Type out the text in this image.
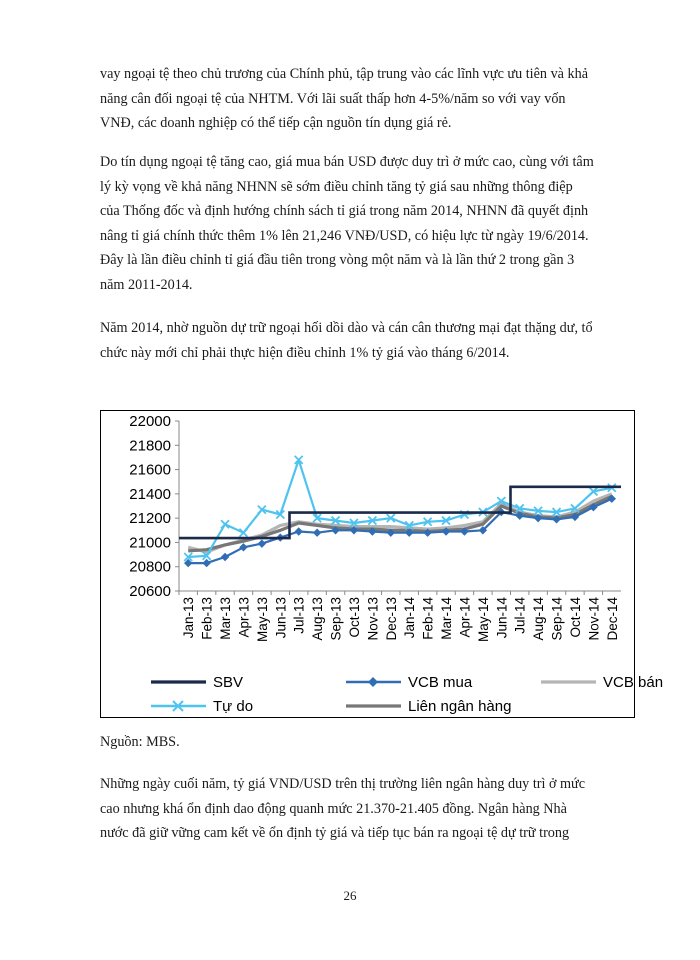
vay ngoại tệ theo chủ trương của Chính phủ, tập trung vào các lĩnh vực ưu tiên và khả
năng cân đối ngoại tệ của NHTM. Với lãi suất thấp hơn 4-5%/năm so với vay vốn
VNĐ, các doanh nghiệp có thể tiếp cận nguồn tín dụng giá rẻ.
Do tín dụng ngoại tệ tăng cao, giá mua bán USD được duy trì ở mức cao, cùng với tâm
lý kỳ vọng về khả năng NHNN sẽ sớm điều chỉnh tăng tỷ giá sau những thông điệp
của Thống đốc và định hướng chính sách tỉ giá trong năm 2014, NHNN đã quyết định
nâng tỉ giá chính thức thêm 1% lên 21,246 VNĐ/USD, có hiệu lực từ ngày 19/6/2014.
Đây là lần điều chỉnh tỉ giá đầu tiên trong vòng một năm và là lần thứ 2 trong gần 3
năm 2011-2014.
Năm 2014, nhờ nguồn dự trữ ngoại hối dồi dào và cán cân thương mại đạt thặng dư, tổ
chức này mới chỉ phải thực hiện điều chỉnh 1% tỷ giá vào tháng 6/2014.
20600
20800
21000
21200
21400
21600
21800
22000
Jan-13 Feb-13 Mar-13 Apr-13 May-13 Jun-13 Jul-13 Aug-13 Sep-13 Oct-13 Nov-13 Dec-13 Jan-14 Feb-14 Mar-14 Apr-14 May-14 Jun-14 Jul-14 Aug-14 Sep-14 Oct-14 Nov-14 Dec-14
SBV	VCB mua	VCB bán
Tự do	Liên ngân hàng

Nguồn: MBS.

Những ngày cuối năm, tỷ giá VND/USD trên thị trường liên ngân hàng duy trì ở mức
cao nhưng khá ổn định dao động quanh mức 21.370-21.405 đồng. Ngân hàng Nhà
nước đã giữ vững cam kết về ổn định tỷ giá và tiếp tục bán ra ngoại tệ dự trữ trong

26
